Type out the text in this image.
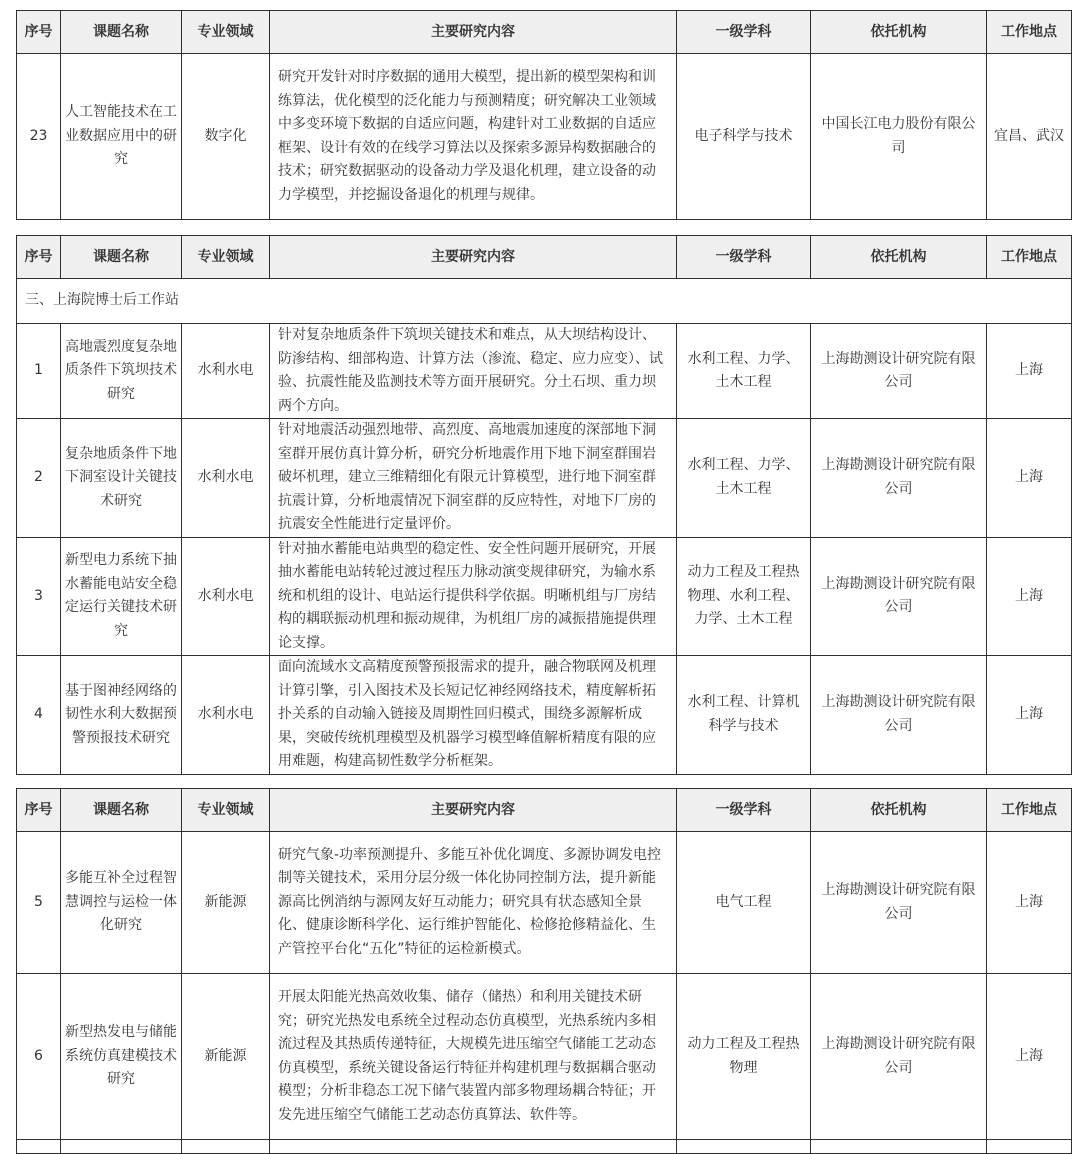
序号	课题名称	专业领域	主要研究内容	一级学科	依托机构	工作地点
23	人工智能技术在工业数据应用中的研究	数字化	研究开发针对时序数据的通用大模型，提出新的模型架构和训练算法，优化模型的泛化能力与预测精度；研究解决工业领域中多变环境下数据的自适应问题，构建针对工业数据的自适应框架、设计有效的在线学习算法以及探索多源异构数据融合的技术；研究数据驱动的设备动力学及退化机理，建立设备的动力学模型，并挖掘设备退化的机理与规律。	电子科学与技术	中国长江电力股份有限公司	宜昌、武汉
序号	课题名称	专业领域	主要研究内容	一级学科	依托机构	工作地点
三、上海院博士后工作站						
1	高地震烈度复杂地质条件下筑坝技术研究	水利水电	针对复杂地质条件下筑坝关键技术和难点，从大坝结构设计、防渗结构、细部构造、计算方法（渗流、稳定、应力应变）、试验、抗震性能及监测技术等方面开展研究。分土石坝、重力坝两个方向。	水利工程、力学、土木工程	上海勘测设计研究院有限公司	上海
2	复杂地质条件下地下洞室设计关键技术研究	水利水电	针对地震活动强烈地带、高烈度、高地震加速度的深部地下洞室群开展仿真计算分析，研究分析地震作用下地下洞室群围岩破坏机理，建立三维精细化有限元计算模型，进行地下洞室群抗震计算，分析地震情况下洞室群的反应特性，对地下厂房的抗震安全性能进行定量评价。	水利工程、力学、土木工程	上海勘测设计研究院有限公司	上海
3	新型电力系统下抽水蓄能电站安全稳定运行关键技术研究	水利水电	针对抽水蓄能电站典型的稳定性、安全性问题开展研究，开展抽水蓄能电站转轮过渡过程压力脉动演变规律研究，为输水系统和机组的设计、电站运行提供科学依据。明晰机组与厂房结构的耦联振动机理和振动规律，为机组厂房的减振措施提供理论支撑。	动力工程及工程热物理、水利工程、力学、土木工程	上海勘测设计研究院有限公司	上海
4	基于图神经网络的韧性水利大数据预警预报技术研究	水利水电	面向流域水文高精度预警预报需求的提升，融合物联网及机理计算引擎，引入图技术及长短记忆神经网络技术，精度解析拓扑关系的自动输入链接及周期性回归模式，围绕多源解析成果，突破传统机理模型及机器学习模型峰值解析精度有限的应用难题，构建高韧性数学分析框架。	水利工程、计算机科学与技术	上海勘测设计研究院有限公司	上海
序号	课题名称	专业领域	主要研究内容	一级学科	依托机构	工作地点
5	多能互补全过程智慧调控与运检一体化研究	新能源	研究气象-功率预测提升、多能互补优化调度、多源协调发电控制等关键技术，采用分层分级一体化协同控制方法，提升新能源高比例消纳与源网友好互动能力；研究具有状态感知全景化、健康诊断科学化、运行维护智能化、检修抢修精益化、生产管控平台化“五化”特征的运检新模式。	电气工程	上海勘测设计研究院有限公司	上海
6	新型热发电与储能系统仿真建模技术研究	新能源	开展太阳能光热高效收集、储存（储热）和利用关键技术研究；研究光热发电系统全过程动态仿真模型，光热系统内多相流过程及其热质传递特征，大规模先进压缩空气储能工艺动态仿真模型，系统关键设备运行特征并构建机理与数据耦合驱动模型；分析非稳态工况下储气装置内部多物理场耦合特征；开发先进压缩空气储能工艺动态仿真算法、软件等。	动力工程及工程热物理	上海勘测设计研究院有限公司	上海
